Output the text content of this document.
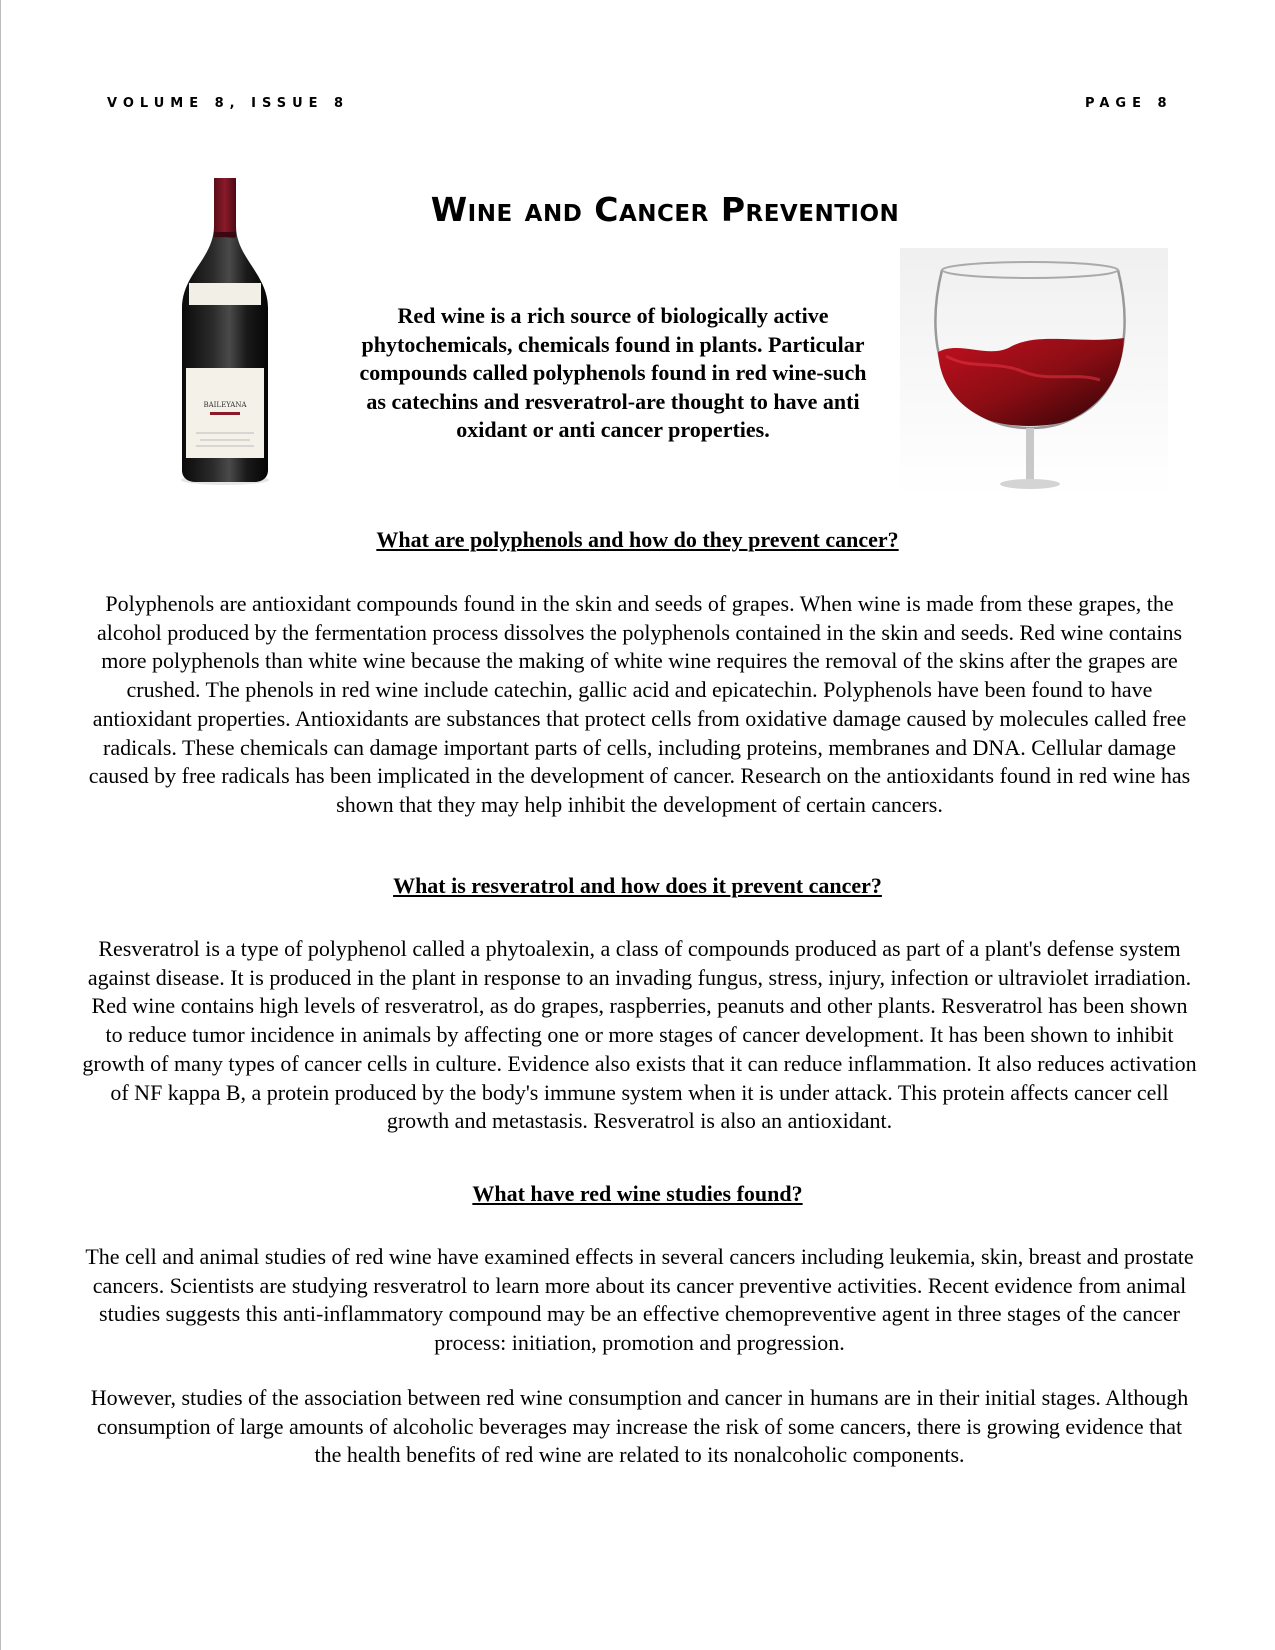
VOLUME 8, ISSUE 8	PAGE 8
BAILEYANA
Wine and Cancer Prevention

Red wine is a rich source of biologically active phytochemicals, chemicals found in plants. Particular compounds called polyphenols found in red wine-such as catechins and resveratrol-are thought to have anti oxidant or anti cancer properties.

What are polyphenols and how do they prevent cancer?

Polyphenols are antioxidant compounds found in the skin and seeds of grapes. When wine is made from these grapes, the alcohol produced by the fermentation process dissolves the polyphenols contained in the skin and seeds. Red wine contains more polyphenols than white wine because the making of white wine requires the removal of the skins after the grapes are crushed. The phenols in red wine include catechin, gallic acid and epicatechin. Polyphenols have been found to have antioxidant properties. Antioxidants are substances that protect cells from oxidative damage caused by molecules called free radicals. These chemicals can damage important parts of cells, including proteins, membranes and DNA. Cellular damage caused by free radicals has been implicated in the development of cancer. Research on the antioxidants found in red wine has shown that they may help inhibit the development of certain cancers.

What is resveratrol and how does it prevent cancer?

Resveratrol is a type of polyphenol called a phytoalexin, a class of compounds produced as part of a plant's defense system against disease. It is produced in the plant in response to an invading fungus, stress, injury, infection or ultraviolet irradiation. Red wine contains high levels of resveratrol, as do grapes, raspberries, peanuts and other plants. Resveratrol has been shown to reduce tumor incidence in animals by affecting one or more stages of cancer development. It has been shown to inhibit growth of many types of cancer cells in culture. Evidence also exists that it can reduce inflammation. It also reduces activation of NF kappa B, a protein produced by the body's immune system when it is under attack. This protein affects cancer cell growth and metastasis. Resveratrol is also an antioxidant.

What have red wine studies found?

The cell and animal studies of red wine have examined effects in several cancers including leukemia, skin, breast and prostate cancers. Scientists are studying resveratrol to learn more about its cancer preventive activities. Recent evidence from animal studies suggests this anti-inflammatory compound may be an effective chemopreventive agent in three stages of the cancer process: initiation, promotion and progression.

However, studies of the association between red wine consumption and cancer in humans are in their initial stages. Although consumption of large amounts of alcoholic beverages may increase the risk of some cancers, there is growing evidence that the health benefits of red wine are related to its nonalcoholic components.
